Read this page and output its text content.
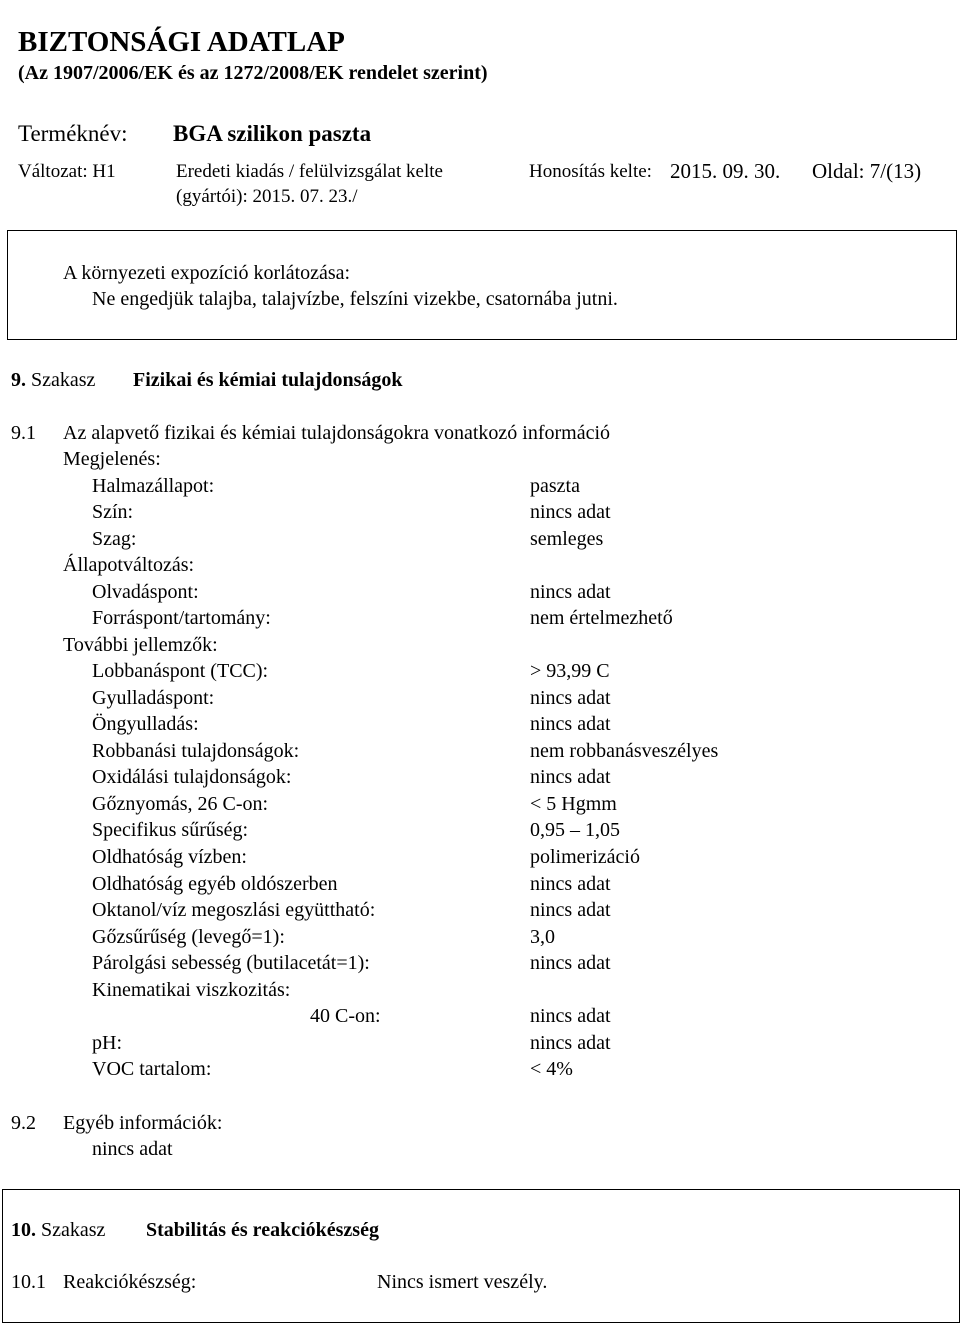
BIZTONSÁGI ADATLAP
(Az 1907/2006/EK és az 1272/2008/EK rendelet szerint)
Terméknév: BGA szilikon paszta
Változat: H1	Eredeti kiadás / felülvizsgálat kelte
(gyártói): 2015. 07. 23./
Honosítás kelte: 2015. 09. 30. Oldal: 7/(13)
A környezeti expozíció korlátozása:
Ne engedjük talajba, talajvízbe, felszíni vizekbe, csatornába jutni.
9. Szakasz Fizikai és kémiai tulajdonságok
9.1 Az alapvető fizikai és kémiai tulajdonságokra vonatkozó információ
Megjelenés:
Halmazállapot:	paszta
Szín:	nincs adat
Szag:	semleges
Állapotváltozás:
Olvadáspont:	nincs adat
Forráspont/tartomány:	nem értelmezhető
További jellemzők:
Lobbanáspont (TCC):	> 93,99 C
Gyulladáspont:	nincs adat
Öngyulladás:	nincs adat
Robbanási tulajdonságok:	nem robbanásveszélyes
Oxidálási tulajdonságok:	nincs adat
Gőznyomás, 26 C-on:	< 5 Hgmm
Specifikus sűrűség:	0,95 – 1,05
Oldhatóság vízben:	polimerizáció
Oldhatóság egyéb oldószerben	nincs adat
Oktanol/víz megoszlási együttható:	nincs adat
Gőzsűrűség (levegő=1):	3,0
Párolgási sebesség (butilacetát=1):	nincs adat
Kinematikai viszkozitás:
40 C-on:	nincs adat
pH:	nincs adat
VOC tartalom:	< 4%
9.2 Egyéb információk:
nincs adat
10. Szakasz Stabilitás és reakciókészség
10.1 Reakciókészség:	Nincs ismert veszély.
